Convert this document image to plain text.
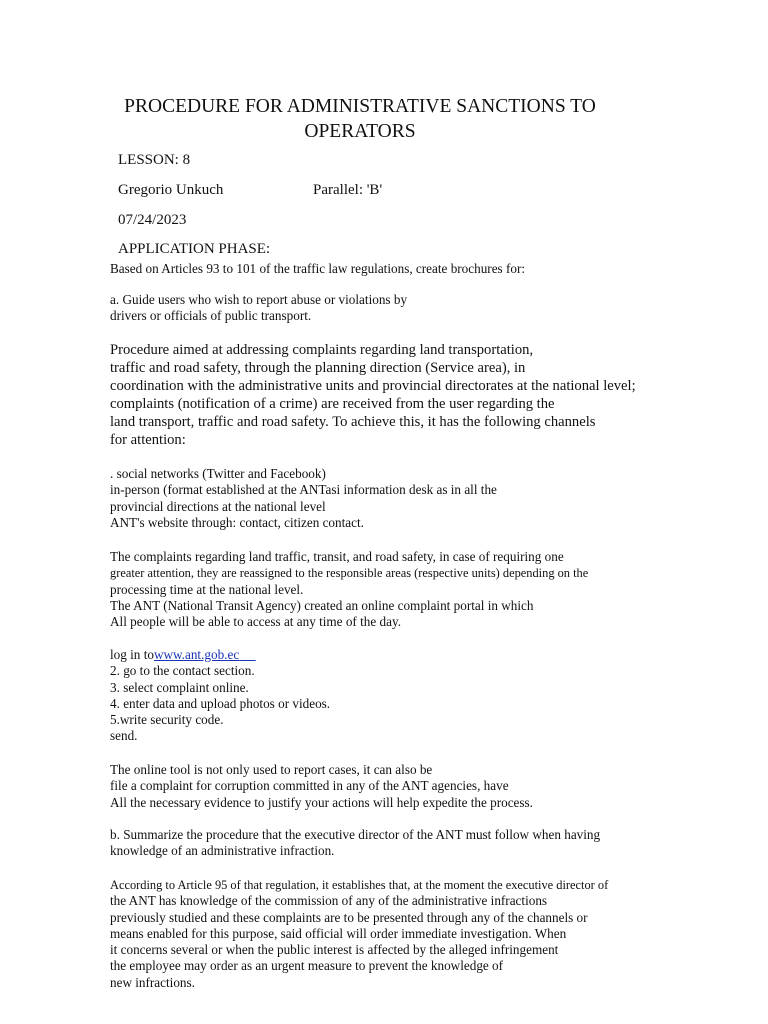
PROCEDURE FOR ADMINISTRATIVE SANCTIONS TO
OPERATORS
LESSON: 8
Gregorio Unkuch	Parallel: 'B'
07/24/2023
APPLICATION PHASE:
Based on Articles 93 to 101 of the traffic law regulations, create brochures for:
a. Guide users who wish to report abuse or violations by
drivers or officials of public transport.
Procedure aimed at addressing complaints regarding land transportation,
traffic and road safety, through the planning direction (Service area), in
coordination with the administrative units and provincial directorates at the national level;
complaints (notification of a crime) are received from the user regarding the
land transport, traffic and road safety. To achieve this, it has the following channels
for attention:
. social networks (Twitter and Facebook)
in-person (format established at the ANTasi information desk as in all the
provincial directions at the national level
ANT's website through: contact, citizen contact.
The complaints regarding land traffic, transit, and road safety, in case of requiring one
greater attention, they are reassigned to the responsible areas (respective units) depending on the
processing time at the national level.
The ANT (National Transit Agency) created an online complaint portal in which
All people will be able to access at any time of the day.
log in towww.ant.gob.ec
2. go to the contact section.
3. select complaint online.
4. enter data and upload photos or videos.
5.write security code.
send.
The online tool is not only used to report cases, it can also be
file a complaint for corruption committed in any of the ANT agencies, have
All the necessary evidence to justify your actions will help expedite the process.
b. Summarize the procedure that the executive director of the ANT must follow when having
knowledge of an administrative infraction.
According to Article 95 of that regulation, it establishes that, at the moment the executive director of
the ANT has knowledge of the commission of any of the administrative infractions
previously studied and these complaints are to be presented through any of the channels or
means enabled for this purpose, said official will order immediate investigation. When
it concerns several or when the public interest is affected by the alleged infringement
the employee may order as an urgent measure to prevent the knowledge of
new infractions.
